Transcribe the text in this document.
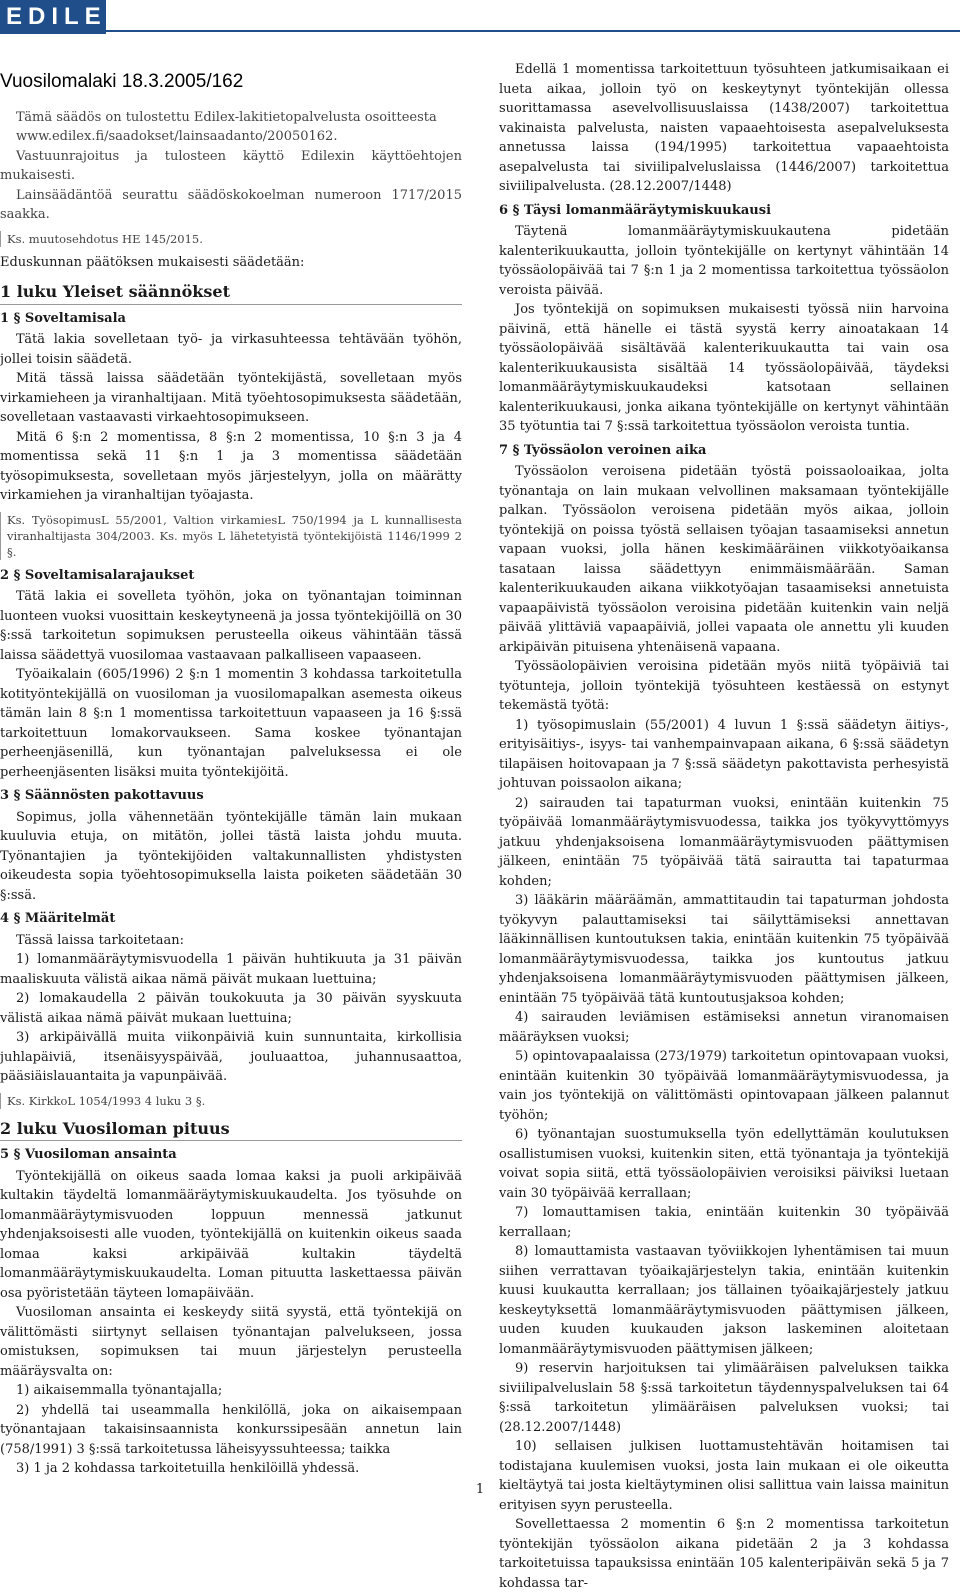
EDILEX
Vuosilomalaki 18.3.2005/162

Tämä säädös on tulostettu Edilex-lakitietopalvelusta osoitteesta

www.edilex.fi/saadokset/lainsaadanto/20050162.

Vastuunrajoitus ja tulosteen käyttö Edilexin käyttöehtojen mukaisesti.

Lainsäädäntöä seurattu säädöskokoelman numeroon 1717/2015 saakka.

Ks. muutosehdotus HE 145/2015.

Eduskunnan päätöksen mukaisesti säädetään:

1 luku Yleiset säännökset
1 § Soveltamisala

Tätä lakia sovelletaan työ- ja virkasuhteessa tehtävään työhön, jollei toisin säädetä.

Mitä tässä laissa säädetään työntekijästä, sovelletaan myös virkamieheen ja viranhaltijaan. Mitä työehtosopimuksesta säädetään, sovelletaan vastaavasti virkaehtosopimukseen.

Mitä 6 §:n 2 momentissa, 8 §:n 2 momentissa, 10 §:n 3 ja 4 momentissa sekä 11 §:n 1 ja 3 momentissa säädetään työsopimuksesta, sovelletaan myös järjestelyyn, jolla on määrätty virkamiehen ja viranhaltijan työajasta.

Ks. TyösopimusL 55/2001, Valtion virkamiesL 750/1994 ja L kunnallisesta viranhaltijasta 304/2003. Ks. myös L lähetetyistä työntekijöistä 1146/1999 2 §.
2 § Soveltamisalarajaukset

Tätä lakia ei sovelleta työhön, joka on työnantajan toiminnan luonteen vuoksi vuosittain keskeytyneenä ja jossa työntekijöillä on 30 §:ssä tarkoitetun sopimuksen perusteella oikeus vähintään tässä laissa säädettyä vuosilomaa vastaavaan palkalliseen vapaaseen.

Työaikalain (605/1996) 2 §:n 1 momentin 3 kohdassa tarkoitetulla kotityöntekijällä on vuosiloman ja vuosilomapalkan asemesta oikeus tämän lain 8 §:n 1 momentissa tarkoitettuun vapaaseen ja 16 §:ssä tarkoitettuun lomakorvaukseen. Sama koskee työnantajan perheenjäsenillä, kun työnantajan palveluksessa ei ole perheenjäsenten lisäksi muita työntekijöitä.

3 § Säännösten pakottavuus

Sopimus, jolla vähennetään työntekijälle tämän lain mukaan kuuluvia etuja, on mitätön, jollei tästä laista johdu muuta. Työnantajien ja työntekijöiden valtakunnallisten yhdistysten oikeudesta sopia työehtosopimuksella laista poiketen säädetään 30 §:ssä.

4 § Määritelmät

Tässä laissa tarkoitetaan:

1) lomanmääräytymisvuodella 1 päivän huhtikuuta ja 31 päivän maaliskuuta välistä aikaa nämä päivät mukaan luettuina;

2) lomakaudella 2 päivän toukokuuta ja 30 päivän syyskuuta välistä aikaa nämä päivät mukaan luettuina;

3) arkipäivällä muita viikonpäiviä kuin sunnuntaita, kirkollisia juhlapäiviä, itsenäisyyspäivää, jouluaattoa, juhannusaattoa, pääsiäislauantaita ja vapunpäivää.

Ks. KirkkoL 1054/1993 4 luku 3 §.
2 luku Vuosiloman pituus
5 § Vuosiloman ansainta

Työntekijällä on oikeus saada lomaa kaksi ja puoli arkipäivää kultakin täydeltä lomanmääräytymiskuukaudelta. Jos työsuhde on lomanmääräytymisvuoden loppuun mennessä jatkunut yhdenjaksoisesti alle vuoden, työntekijällä on kuitenkin oikeus saada lomaa kaksi arkipäivää kultakin täydeltä lomanmääräytymiskuukaudelta. Loman pituutta laskettaessa päivän osa pyöristetään täyteen lomapäivään.

Vuosiloman ansainta ei keskeydy siitä syystä, että työntekijä on välittömästi siirtynyt sellaisen työnantajan palvelukseen, jossa omistuksen, sopimuksen tai muun järjestelyn perusteella määräysvalta on:

1) aikaisemmalla työnantajalla;

2) yhdellä tai useammalla henkilöllä, joka on aikaisempaan työnantajaan takaisinsaannista konkurssipesään annetun lain (758/1991) 3 §:ssä tarkoitetussa läheisyyssuhteessa; taikka

3) 1 ja 2 kohdassa tarkoitetuilla henkilöillä yhdessä.

Edellä 1 momentissa tarkoitettuun työsuhteen jatkumisaikaan ei lueta aikaa, jolloin työ on keskeytynyt työntekijän ollessa suorittamassa asevelvollisuuslaissa (1438/2007) tarkoitettua vakinaista palvelusta, naisten vapaaehtoisesta asepalveluksesta annetussa laissa (194/1995) tarkoitettua vapaaehtoista asepalvelusta tai siviilipalveluslaissa (1446/2007) tarkoitettua siviilipalvelusta. (28.12.2007/1448)

6 § Täysi lomanmääräytymiskuukausi

Täytenä lomanmääräytymiskuukautena pidetään kalenterikuukautta, jolloin työntekijälle on kertynyt vähintään 14 työssäolopäivää tai 7 §:n 1 ja 2 momentissa tarkoitettua työssäolon veroista päivää.

Jos työntekijä on sopimuksen mukaisesti työssä niin harvoina päivinä, että hänelle ei tästä syystä kerry ainoatakaan 14 työssäolopäivää sisältävää kalenterikuukautta tai vain osa kalenterikuukausista sisältää 14 työssäolopäivää, täydeksi lomanmääräytymiskuukaudeksi katsotaan sellainen kalenterikuukausi, jonka aikana työntekijälle on kertynyt vähintään 35 työtuntia tai 7 §:ssä tarkoitettua työssäolon veroista tuntia.

7 § Työssäolon veroinen aika

Työssäolon veroisena pidetään työstä poissaoloaikaa, jolta työnantaja on lain mukaan velvollinen maksamaan työntekijälle palkan. Työssäolon veroisena pidetään myös aikaa, jolloin työntekijä on poissa työstä sellaisen työajan tasaamiseksi annetun vapaan vuoksi, jolla hänen keskimääräinen viikkotyöaikansa tasataan laissa säädettyyn enimmäismäärään. Saman kalenterikuukauden aikana viikkotyöajan tasaamiseksi annetuista vapaapäivistä työssäolon veroisina pidetään kuitenkin vain neljä päivää ylittäviä vapaapäiviä, jollei vapaata ole annettu yli kuuden arkipäivän pituisena yhtenäisenä vapaana.

Työssäolopäivien veroisina pidetään myös niitä työpäiviä tai työtunteja, jolloin työntekijä työsuhteen kestäessä on estynyt tekemästä työtä:

1) työsopimuslain (55/2001) 4 luvun 1 §:ssä säädetyn äitiys-, erityisäitiys-, isyys- tai vanhempainvapaan aikana, 6 §:ssä säädetyn tilapäisen hoitovapaan ja 7 §:ssä säädetyn pakottavista perhesyistä johtuvan poissaolon aikana;

2) sairauden tai tapaturman vuoksi, enintään kuitenkin 75 työpäivää lomanmääräytymisvuodessa, taikka jos työkyvyttömyys jatkuu yhdenjaksoisena lomanmääräytymisvuoden päättymisen jälkeen, enintään 75 työpäivää tätä sairautta tai tapaturmaa kohden;

3) lääkärin määräämän, ammattitaudin tai tapaturman johdosta työkyvyn palauttamiseksi tai säilyttämiseksi annettavan lääkinnällisen kuntoutuksen takia, enintään kuitenkin 75 työpäivää lomanmääräytymisvuodessa, taikka jos kuntoutus jatkuu yhdenjaksoisena lomanmääräytymisvuoden päättymisen jälkeen, enintään 75 työpäivää tätä kuntoutusjaksoa kohden;

4) sairauden leviämisen estämiseksi annetun viranomaisen määräyksen vuoksi;

5) opintovapaalaissa (273/1979) tarkoitetun opintovapaan vuoksi, enintään kuitenkin 30 työpäivää lomanmääräytymisvuodessa, ja vain jos työntekijä on välittömästi opintovapaan jälkeen palannut työhön;

6) työnantajan suostumuksella työn edellyttämän koulutuksen osallistumisen vuoksi, kuitenkin siten, että työnantaja ja työntekijä voivat sopia siitä, että työssäolopäivien veroisiksi päiviksi luetaan vain 30 työpäivää kerrallaan;

7) lomauttamisen takia, enintään kuitenkin 30 työpäivää kerrallaan;

8) lomauttamista vastaavan työviikkojen lyhentämisen tai muun siihen verrattavan työaikajärjestelyn takia, enintään kuitenkin kuusi kuukautta kerrallaan; jos tällainen työaikajärjestely jatkuu keskeytyksettä lomanmääräytymisvuoden päättymisen jälkeen, uuden kuuden kuukauden jakson laskeminen aloitetaan lomanmääräytymisvuoden päättymisen jälkeen;

9) reservin harjoituksen tai ylimääräisen palveluksen taikka siviilipalveluslain 58 §:ssä tarkoitetun täydennyspalveluksen tai 64 §:ssä tarkoitetun ylimääräisen palveluksen vuoksi; tai (28.12.2007/1448)

10) sellaisen julkisen luottamustehtävän hoitamisen tai todistajana kuulemisen vuoksi, josta lain mukaan ei ole oikeutta kieltäytyä tai josta kieltäytyminen olisi sallittua vain laissa mainitun erityisen syyn perusteella.

Sovellettaessa 2 momentin 6 §:n 2 momentissa tarkoitetun työntekijän työssäolon aikana pidetään 2 ja 3 kohdassa tarkoitetuissa tapauksissa enintään 105 kalenteripäivän sekä 5 ja 7 kohdassa tar-

1
